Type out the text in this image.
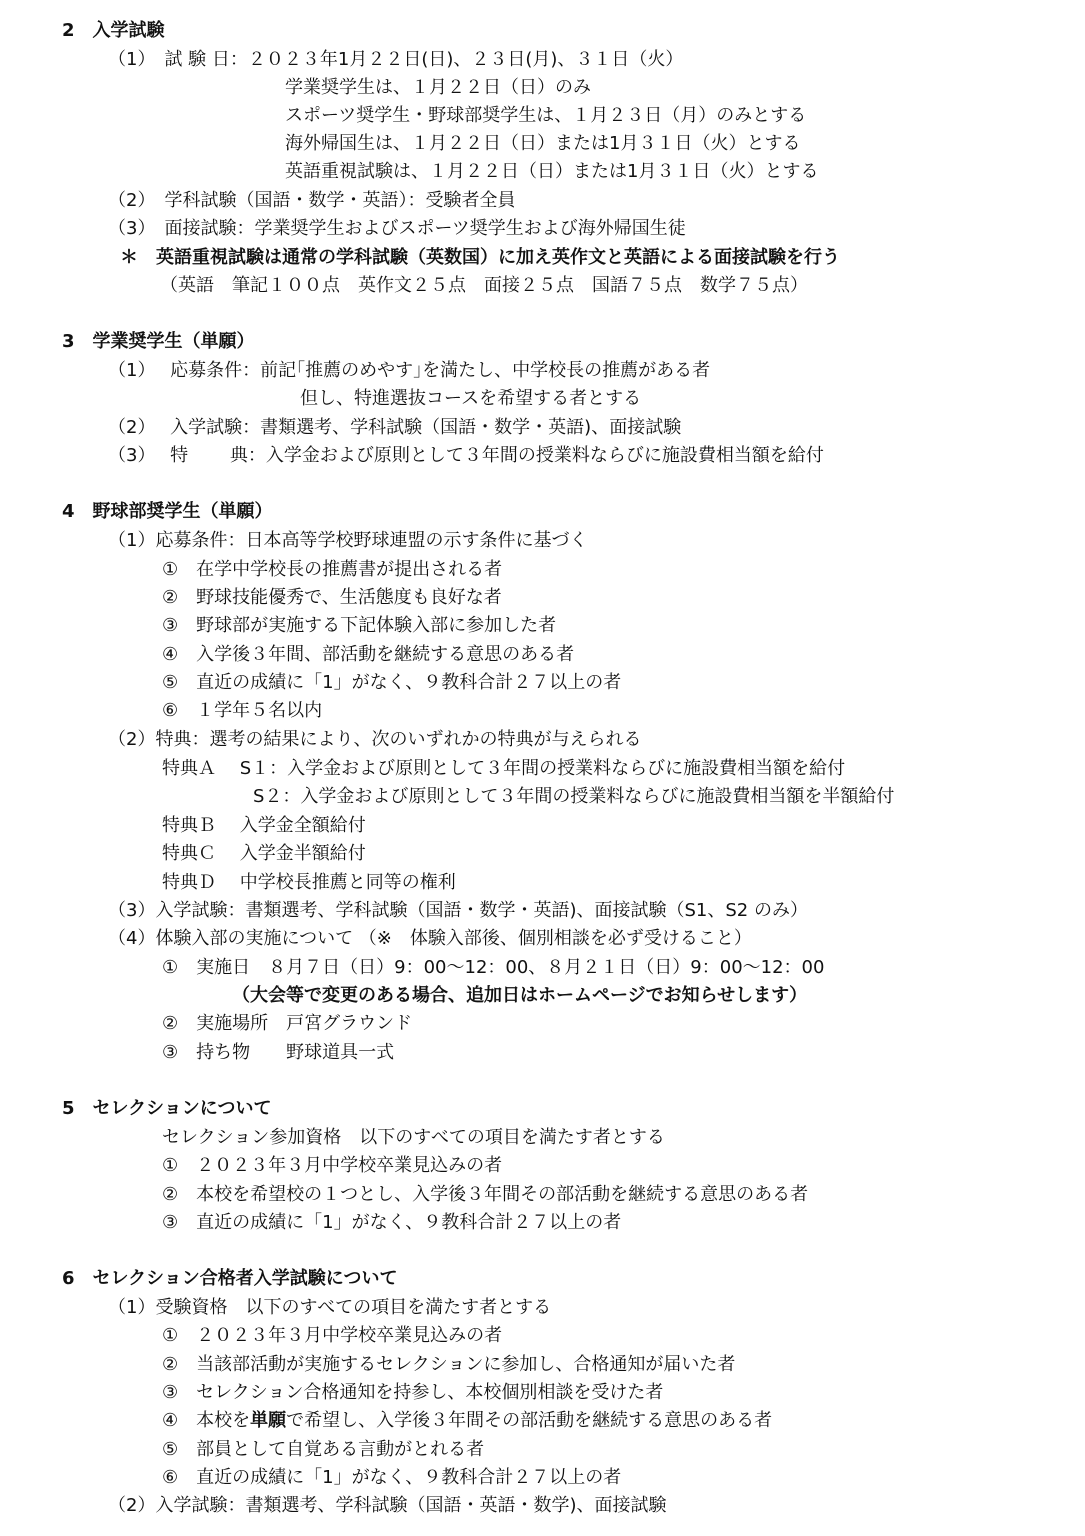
2　入学試験
（1）　試 験 日：２０２３年1月２２日(日)、２３日(月)、３１日（火）
学業奨学生は、１月２２日（日）のみ
スポーツ奨学生・野球部奨学生は、１月２３日（月）のみとする
海外帰国生は、１月２２日（日）または1月３１日（火）とする
英語重視試験は、１月２２日（日）または1月３１日（火）とする
（2）　学科試験（国語・数学・英語）：受験者全員
（3）　面接試験：学業奨学生およびスポーツ奨学生および海外帰国生徒
＊　英語重視試験は通常の学科試験（英数国）に加え英作文と英語による面接試験を行う
（英語　筆記１００点　英作文２５点　面接２５点　国語７５点　数学７５点）
3　学業奨学生（単願）
（1）　 応募条件：前記｢推薦のめやす｣を満たし、中学校長の推薦がある者
但し、特進選抜コースを希望する者とする
（2）　 入学試験：書類選考、学科試験（国語・数学・英語)、面接試験
（3）　 特　　 典：入学金および原則として３年間の授業料ならびに施設費相当額を給付
4　野球部奨学生（単願）
（1）応募条件：日本高等学校野球連盟の示す条件に基づく
①　在学中学校長の推薦書が提出される者
②　野球技能優秀で、生活態度も良好な者
③　野球部が実施する下記体験入部に参加した者
④　入学後３年間、部活動を継続する意思のある者
⑤　直近の成績に「1」がなく、９教科合計２７以上の者
⑥　１学年５名以内
（2）特典：選考の結果により、次のいずれかの特典が与えられる
特典Ａ　 S１：入学金および原則として３年間の授業料ならびに施設費相当額を給付
S２：入学金および原則として３年間の授業料ならびに施設費相当額を半額給付
特典Ｂ　 入学金全額給付
特典Ｃ　 入学金半額給付
特典Ｄ　 中学校長推薦と同等の権利
（3）入学試験：書類選考、学科試験（国語・数学・英語)、面接試験（S1、S2 のみ）
（4）体験入部の実施について （※　体験入部後、個別相談を必ず受けること）
①　実施日　８月７日（日）9：00～12：00、８月２１日（日）9：00～12：00
（大会等で変更のある場合、追加日はホームページでお知らせします）
②　実施場所　戸宮グラウンド
③　持ち物　　野球道具一式
5　セレクションについて
セレクション参加資格　以下のすべての項目を満たす者とする
①　２０２３年３月中学校卒業見込みの者
②　本校を希望校の１つとし、入学後３年間その部活動を継続する意思のある者
③　直近の成績に「1」がなく、９教科合計２７以上の者
6　セレクション合格者入学試験について
（1）受験資格　以下のすべての項目を満たす者とする
①　２０２３年３月中学校卒業見込みの者
②　当該部活動が実施するセレクションに参加し、合格通知が届いた者
③　セレクション合格通知を持参し、本校個別相談を受けた者
④　本校を単願で希望し、入学後３年間その部活動を継続する意思のある者
⑤　部員として自覚ある言動がとれる者
⑥　直近の成績に「1」がなく、９教科合計２７以上の者
（2）入学試験：書類選考、学科試験（国語・英語・数学)、面接試験
